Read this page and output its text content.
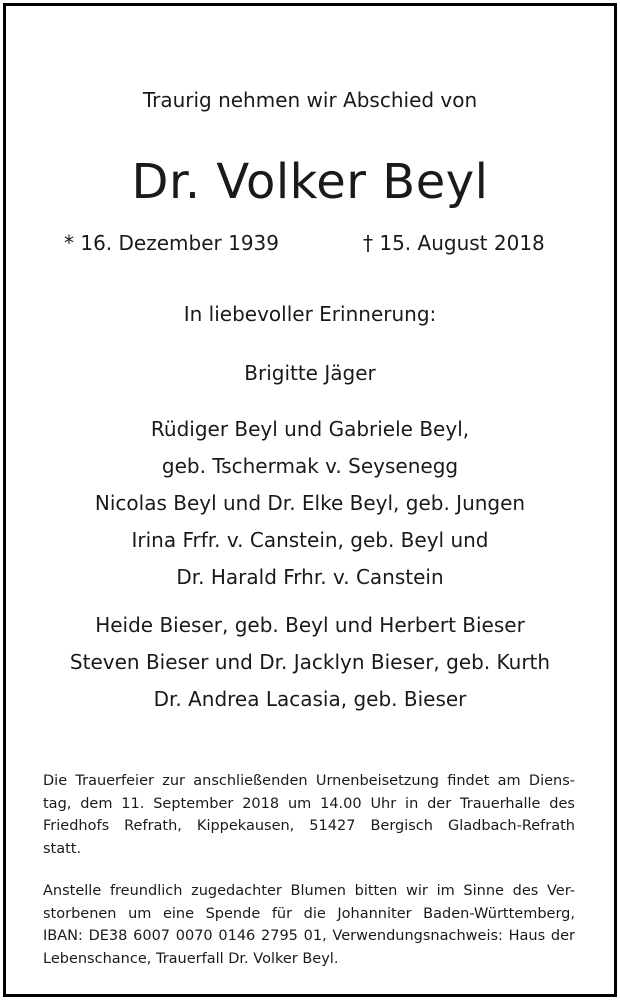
Traurig nehmen wir Abschied von
Dr. Volker Beyl
* 16. Dezember 1939	† 15. August 2018
In liebevoller Erinnerung:
Brigitte Jäger
Rüdiger Beyl und Gabriele Beyl,
geb. Tschermak v. Seysenegg
Nicolas Beyl und Dr. Elke Beyl, geb. Jungen
Irina Frfr. v. Canstein, geb. Beyl und
Dr. Harald Frhr. v. Canstein
Heide Bieser, geb. Beyl und Herbert Bieser
Steven Bieser und Dr. Jacklyn Bieser, geb. Kurth
Dr. Andrea Lacasia, geb. Bieser
Die Trauerfeier zur anschließenden Urnenbeisetzung findet am Diens-
tag, dem 11. September 2018 um 14.00 Uhr in der Trauerhalle des
Friedhofs Refrath, Kippekausen, 51427 Bergisch Gladbach-Refrath
statt.
Anstelle freundlich zugedachter Blumen bitten wir im Sinne des Ver-
storbenen um eine Spende für die Johanniter Baden-Württemberg,
IBAN: DE38 6007 0070 0146 2795 01, Verwendungsnachweis: Haus der
Lebenschance, Trauerfall Dr. Volker Beyl.
